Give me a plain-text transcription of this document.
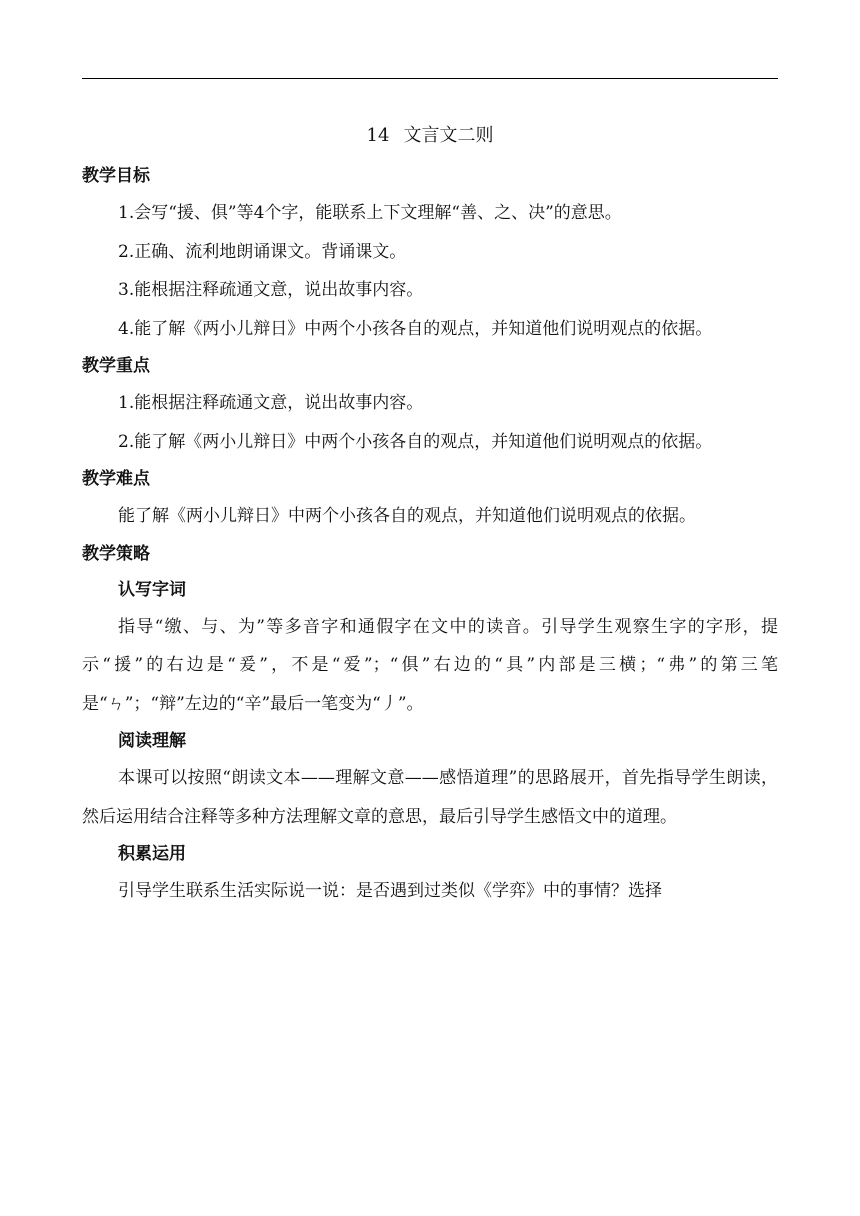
14 文言文二则
教学目标

1.会写“援、俱”等4个字，能联系上下文理解“善、之、决”的意思。

2.正确、流利地朗诵课文。背诵课文。

3.能根据注释疏通文意，说出故事内容。

4.能了解《两小儿辩日》中两个小孩各自的观点，并知道他们说明观点的依据。

教学重点

1.能根据注释疏通文意，说出故事内容。

2.能了解《两小儿辩日》中两个小孩各自的观点，并知道他们说明观点的依据。

教学难点

能了解《两小儿辩日》中两个小孩各自的观点，并知道他们说明观点的依据。

教学策略
认写字词

指导“缴、与、为”等多音字和通假字在文中的读音。引导学生观察生字的字形，提示“援”的右边是“爰”，不是“爱”；“俱”右边的“具”内部是三横；“弗”的第三笔是“ㄣ”；“辩”左边的“辛”最后一笔变为“丿”。

阅读理解

本课可以按照“朗读文本——理解文意——感悟道理”的思路展开，首先指导学生朗读，然后运用结合注释等多种方法理解文章的意思，最后引导学生感悟文中的道理。

积累运用

引导学生联系生活实际说一说：是否遇到过类似《学弈》中的事情？选择
